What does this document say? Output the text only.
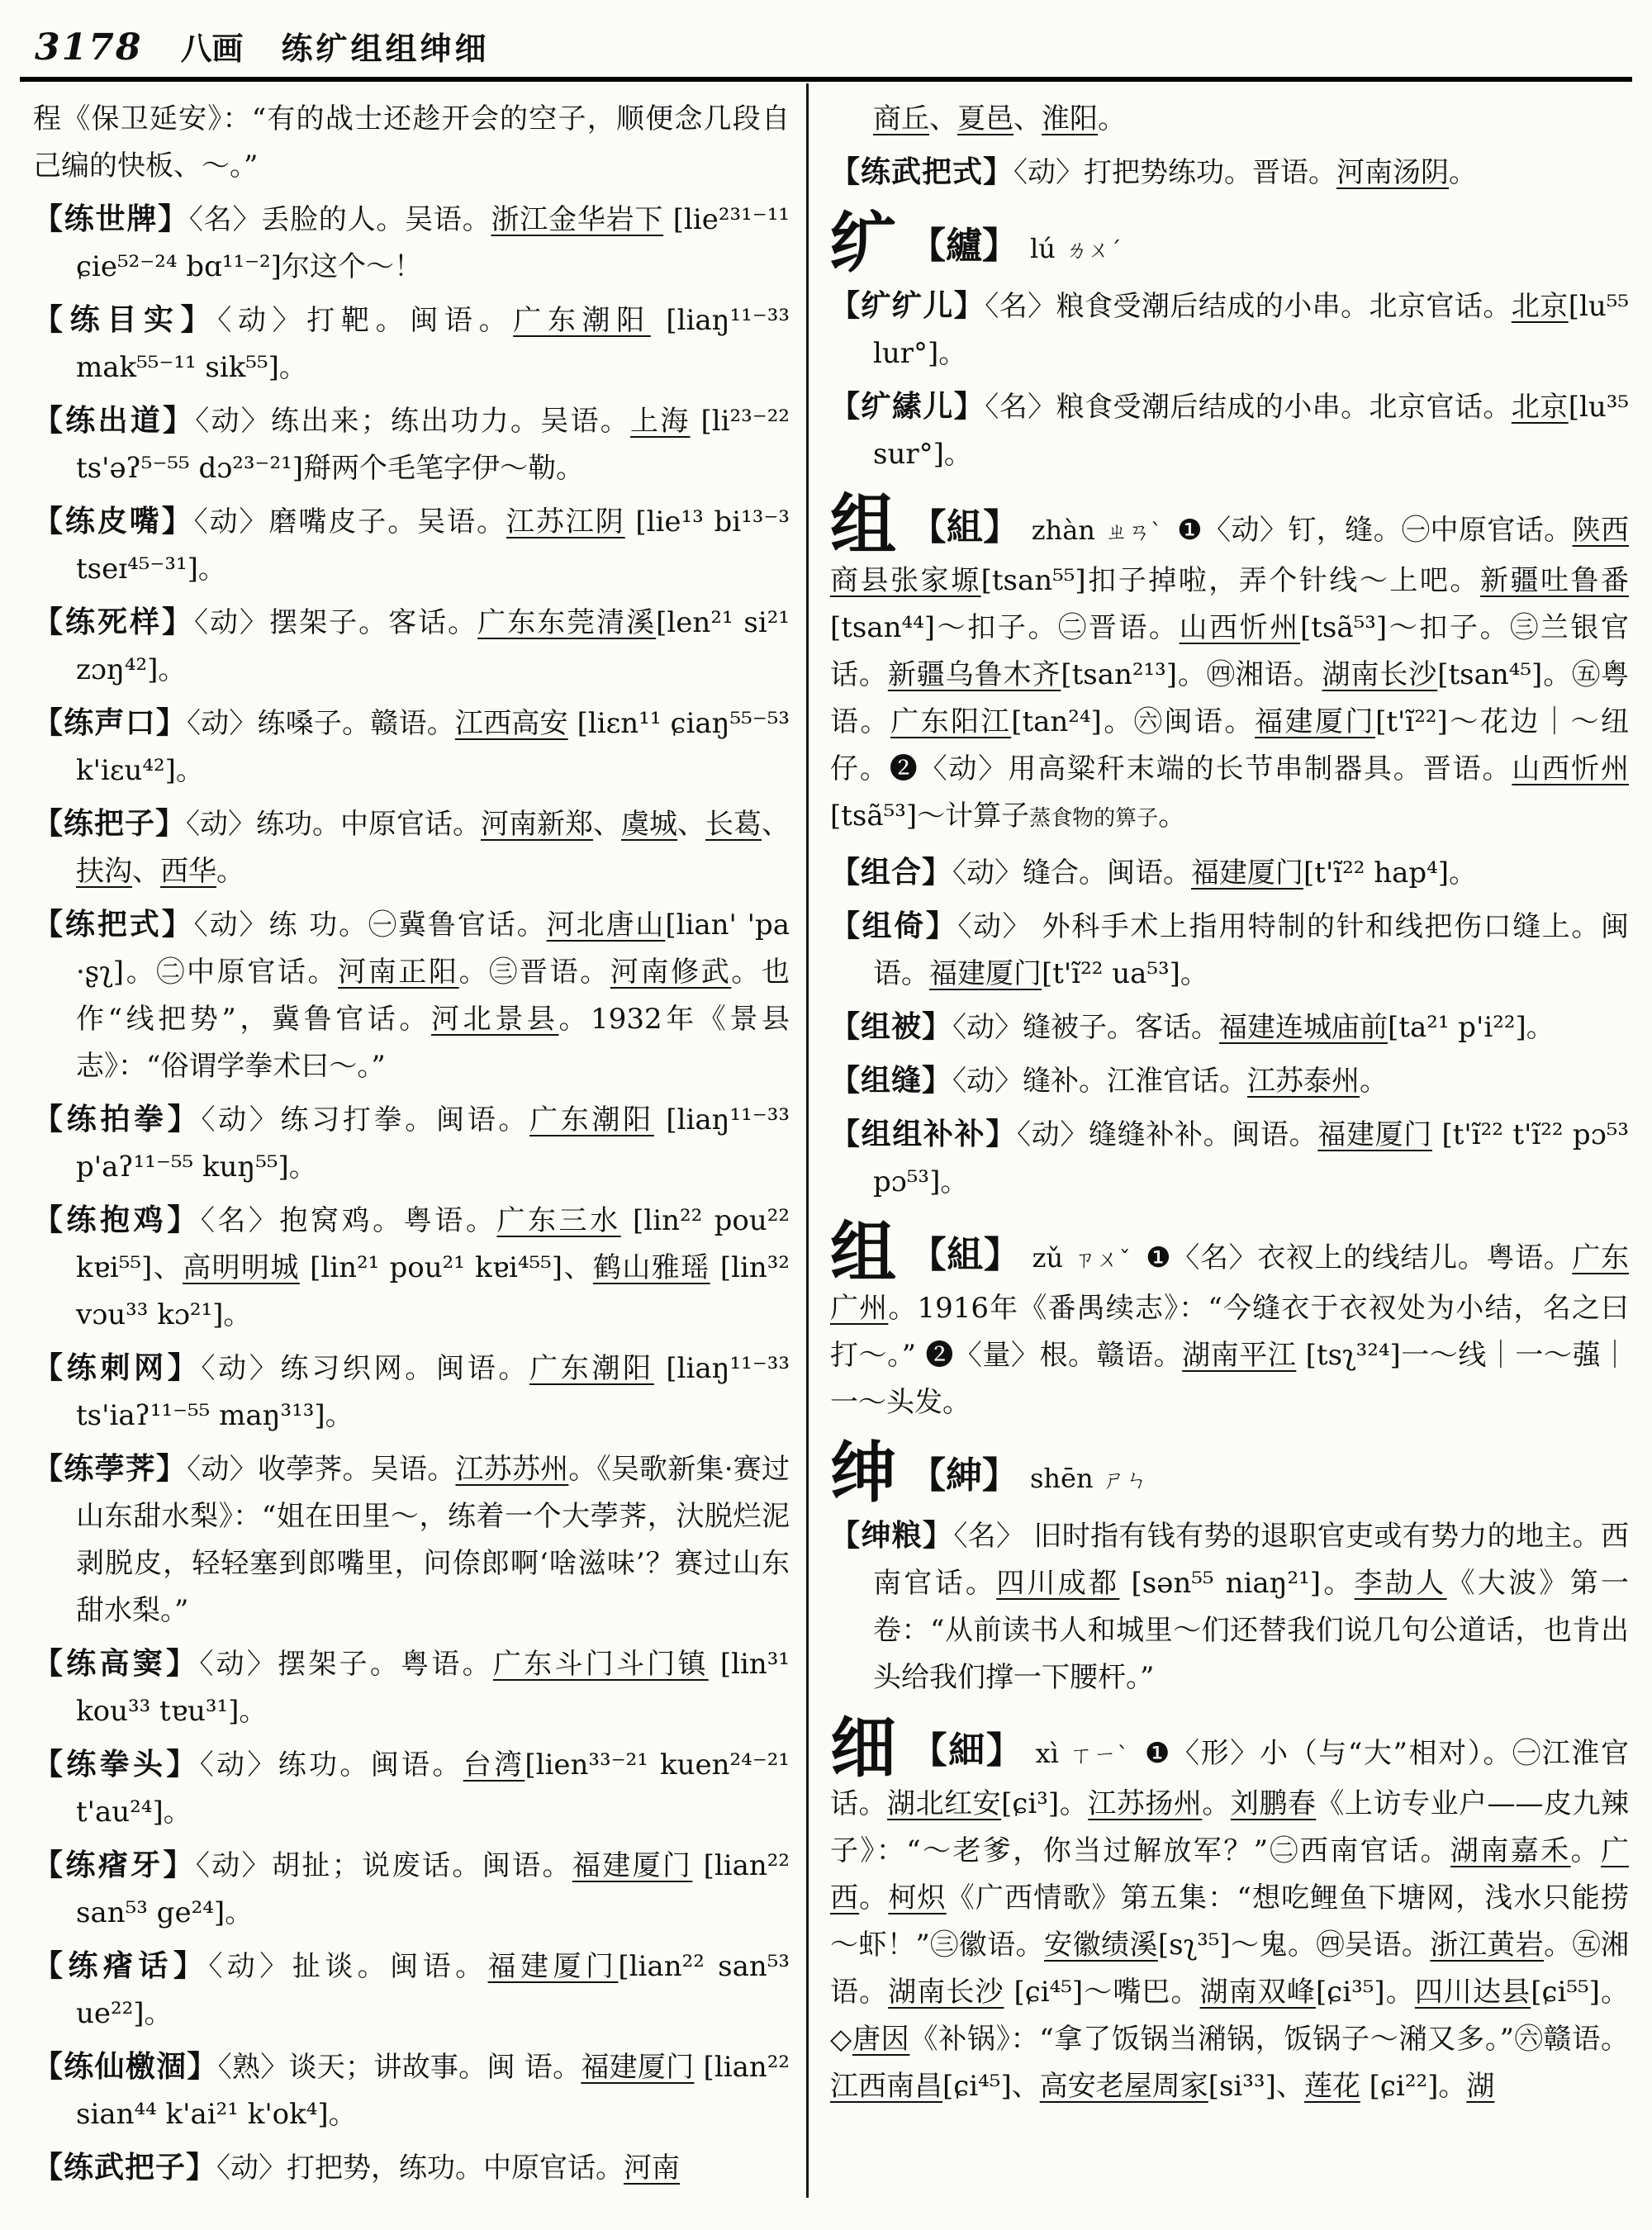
3178 八画 练纩组组绅细

程《保卫延安》：“有的战士还趁开会的空子，顺便念几段自己编的快板、～。”

【练世牌】〈名〉丢脸的人。吴语。浙江金华岩下 [lie²³¹⁻¹¹ ɕie⁵²⁻²⁴ bɑ¹¹⁻²]尔这个～！

【练目实】〈动〉打靶。闽语。广东潮阳 [liaŋ¹¹⁻³³ mak⁵⁵⁻¹¹ sik⁵⁵]。

【练出道】〈动〉练出来；练出功力。吴语。上海 [li²³⁻²² ts'əʔ⁵⁻⁵⁵ dɔ²³⁻²¹]搿两个毛笔字伊～勒。

【练皮嘴】〈动〉磨嘴皮子。吴语。江苏江阴 [lie¹³ bi¹³⁻³ tseɪ⁴⁵⁻³¹]。

【练死样】〈动〉摆架子。客话。广东东莞清溪[len²¹ si²¹ zɔŋ⁴²]。

【练声口】〈动〉练嗓子。赣语。江西高安 [liɛn¹¹ ɕiaŋ⁵⁵⁻⁵³ k'iɛu⁴²]。

【练把子】〈动〉练功。中原官话。河南新郑、虞城、长葛、扶沟、西华。

【练把式】〈动〉练 功。㊀冀鲁官话。河北唐山[lian' 'pa ·ʂʅ]。㊁中原官话。河南正阳。㊂晋语。河南修武。也作“线把势”，冀鲁官话。河北景县。1932年《景县志》：“俗谓学拳术曰～。”

【练拍拳】〈动〉练习打拳。闽语。广东潮阳 [liaŋ¹¹⁻³³ p'aʔ¹¹⁻⁵⁵ kuŋ⁵⁵]。

【练抱鸡】〈名〉抱窝鸡。粤语。广东三水 [lin²² pou²² kɐi⁵⁵]、高明明城 [lin²¹ pou²¹ kɐi⁴⁵⁵]、鹤山雅瑶 [lin³² vɔu³³ kɔ²¹]。

【练刺网】〈动〉练习织网。闽语。广东潮阳 [liaŋ¹¹⁻³³ ts'iaʔ¹¹⁻⁵⁵ maŋ³¹³]。

【练荸荠】〈动〉收荸荠。吴语。江苏苏州。《吴歌新集·赛过山东甜水梨》：“姐在田里～，练着一个大荸荠，汏脱烂泥剥脱皮，轻轻塞到郎嘴里，问倷郎啊‘啥滋味’？赛过山东甜水梨。”

【练高窦】〈动〉摆架子。粤语。广东斗门斗门镇 [lin³¹ kou³³ tɐu³¹]。

【练拳头】〈动〉练功。闽语。台湾[lien³³⁻²¹ kuen²⁴⁻²¹ t'au²⁴]。

【练㾪牙】〈动〉胡扯；说废话。闽语。福建厦门 [lian²² san⁵³ ge²⁴]。

【练㾪话】〈动〉扯谈。闽语。福建厦门[lian²² san⁵³ ue²²]。

【练仙檄涸】〈熟〉谈天；讲故事。闽 语。福建厦门 [lian²² sian⁴⁴ k'ai²¹ k'ok⁴]。

【练武把子】〈动〉打把势，练功。中原官话。河南

商丘、夏邑、淮阳。

【练武把式】〈动〉打把势练功。晋语。河南汤阴。

纩 【纑】 lú ㄌㄨˊ

【纩纩儿】〈名〉粮食受潮后结成的小串。北京官话。北京[lu⁵⁵ lur°]。

【纩縤儿】〈名〉粮食受潮后结成的小串。北京官话。北京[lu³⁵ sur°]。

组 【組】 zhàn ㄓㄢˋ ❶〈动〉钉，缝。㊀中原官话。陕西商县张家塬[tsan⁵⁵]扣子掉啦，弄个针线～上吧。新疆吐鲁番[tsan⁴⁴]～扣子。㊁晋语。山西忻州[tsã⁵³]～扣子。㊂兰银官话。新疆乌鲁木齐[tsan²¹³]。㊃湘语。湖南长沙[tsan⁴⁵]。㊄粤语。广东阳江[tan²⁴]。㊅闽语。福建厦门[t'ĩ²²]～花边｜～纽仔。❷〈动〉用高粱秆末端的长节串制器具。晋语。山西忻州 [tsã⁵³]～计算子蒸食物的箅子。

【组合】〈动〉缝合。闽语。福建厦门[t'ĩ²² hap⁴]。

【组倚】〈动〉 外科手术上指用特制的针和线把伤口缝上。闽语。福建厦门[t'ĩ²² ua⁵³]。

【组被】〈动〉缝被子。客话。福建连城庙前[ta²¹ p'i²²]。

【组缝】〈动〉缝补。江淮官话。江苏泰州。

【组组补补】〈动〉缝缝补补。闽语。福建厦门 [t'ĩ²² t'ĩ²² pɔ⁵³ pɔ⁵³]。

组 【組】 zǔ ㄗㄨˇ ❶〈名〉衣衩上的线结儿。粤语。广东广州。1916年《番禺续志》：“今缝衣于衣衩处为小结，名之曰打～。” ❷〈量〉根。赣语。湖南平江 [tsʅ³²⁴]一～线｜一～蔃｜一～头发。

绅 【紳】 shēn ㄕㄣ

【绅粮】〈名〉 旧时指有钱有势的退职官吏或有势力的地主。西南官话。四川成都 [sən⁵⁵ niaŋ²¹]。李劼人《大波》第一卷：“从前读书人和城里～们还替我们说几句公道话，也肯出头给我们撑一下腰杆。”

细 【細】 xì ㄒㄧˋ ❶〈形〉小（与“大”相对）。㊀江淮官话。湖北红安[ɕi³]。江苏扬州。刘鹏春《上访专业户——皮九辣子》：“～老爹，你当过解放军？”㊁西南官话。湖南嘉禾。广西。柯炽《广西情歌》第五集：“想吃鲤鱼下塘网，浅水只能捞～虾！”㊂徽语。安徽绩溪[sʅ³⁵]～鬼。㊃吴语。浙江黄岩。㊄湘语。湖南长沙 [ɕi⁴⁵]～嘴巴。湖南双峰[ɕi³⁵]。四川达县[ɕi⁵⁵]。◇唐因《补锅》：“拿了饭锅当潲锅，饭锅子～潲又多。”㊅赣语。江西南昌[ɕi⁴⁵]、高安老屋周家[si³³]、莲花 [ɕi²²]。湖
